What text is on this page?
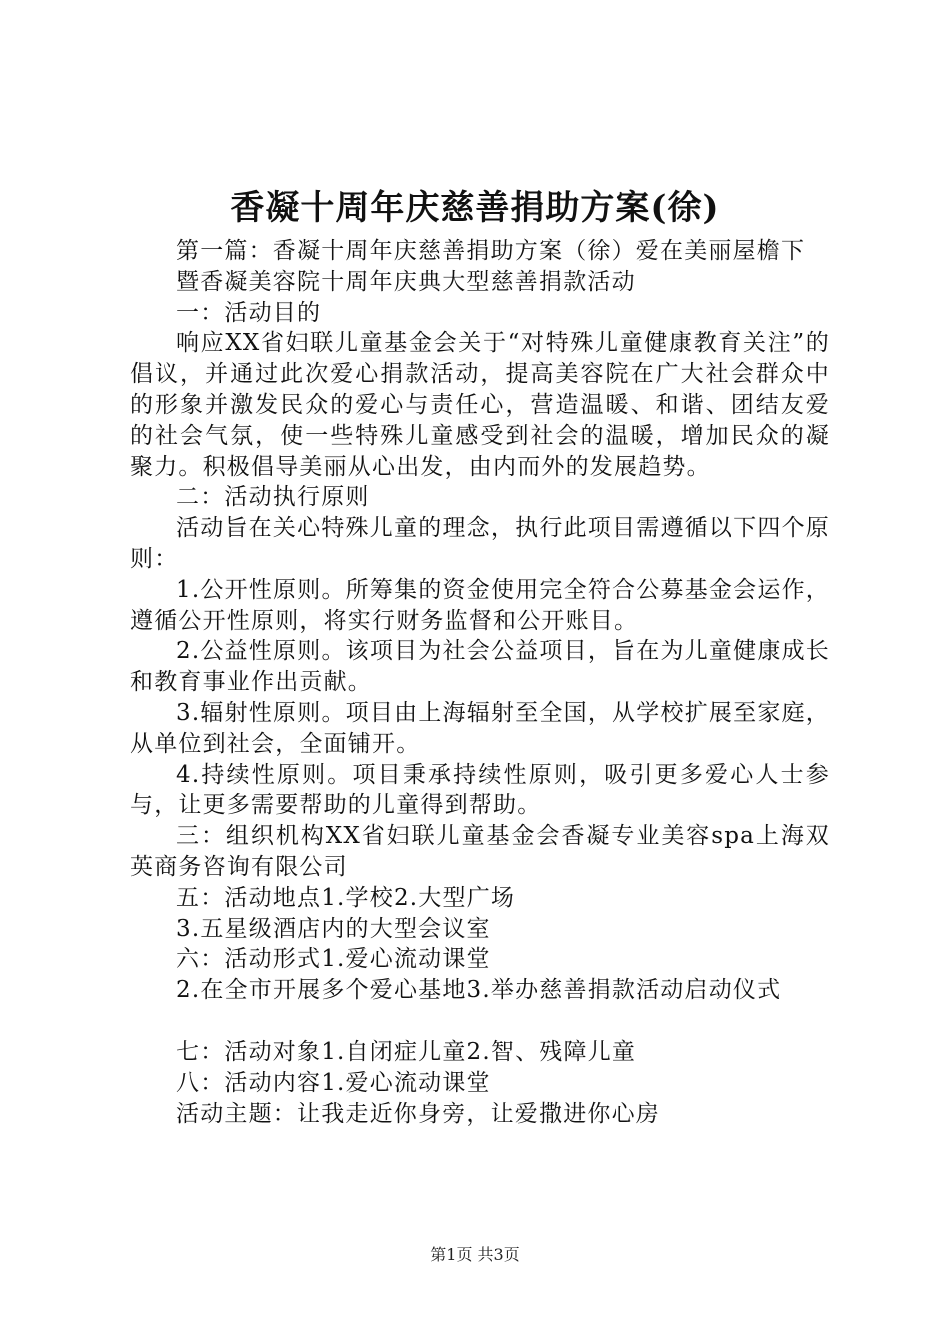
香凝十周年庆慈善捐助方案(徐)

第一篇：香凝十周年庆慈善捐助方案（徐）爱在美丽屋檐下

暨香凝美容院十周年庆典大型慈善捐款活动

一：活动目的

响应XX省妇联儿童基金会关于“对特殊儿童健康教育关注”的倡议，并通过此次爱心捐款活动，提高美容院在广大社会群众中的形象并激发民众的爱心与责任心，营造温暖、和谐、团结友爱的社会气氛，使一些特殊儿童感受到社会的温暖，增加民众的凝聚力。积极倡导美丽从心出发，由内而外的发展趋势。

二：活动执行原则

活动旨在关心特殊儿童的理念，执行此项目需遵循以下四个原则：

1.公开性原则。所筹集的资金使用完全符合公募基金会运作，遵循公开性原则，将实行财务监督和公开账目。

2.公益性原则。该项目为社会公益项目，旨在为儿童健康成长和教育事业作出贡献。

3.辐射性原则。项目由上海辐射至全国，从学校扩展至家庭，从单位到社会，全面铺开。

4.持续性原则。项目秉承持续性原则，吸引更多爱心人士参与，让更多需要帮助的儿童得到帮助。

三：组织机构XX省妇联儿童基金会香凝专业美容spa上海双英商务咨询有限公司

五：活动地点1.学校2.大型广场

3.五星级酒店内的大型会议室

六：活动形式1.爱心流动课堂

2.在全市开展多个爱心基地3.举办慈善捐款活动启动仪式

七：活动对象1.自闭症儿童2.智、残障儿童

八：活动内容1.爱心流动课堂

活动主题：让我走近你身旁，让爱撒进你心房

第1页 共3页
